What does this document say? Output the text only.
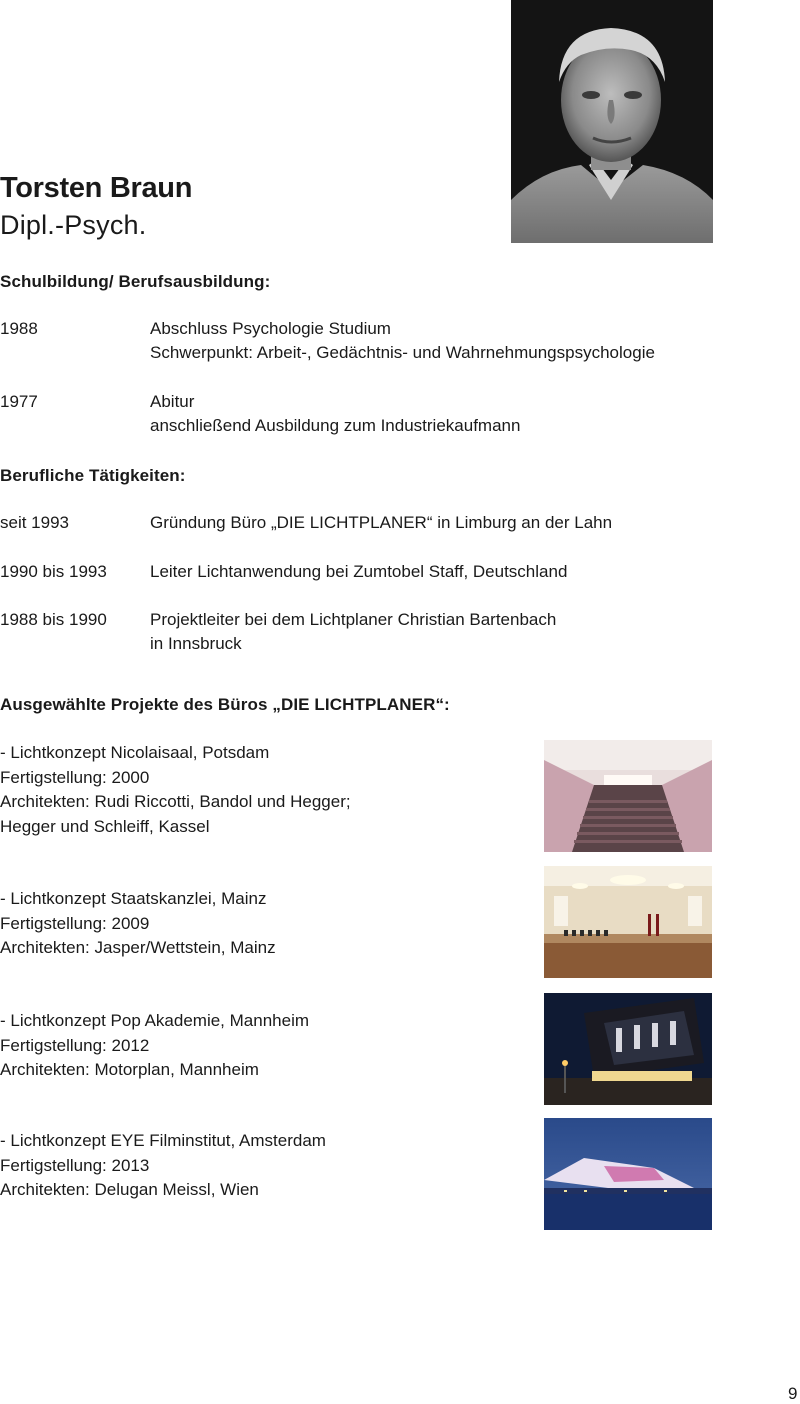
Torsten Braun
Dipl.-Psych.
Schulbildung/ Berufsausbildung:
1988	Abschluss Psychologie Studium
Schwerpunkt: Arbeit-, Gedächtnis- und Wahrnehmungspsychologie
1977	Abitur
anschließend Ausbildung zum Industriekaufmann
Berufliche Tätigkeiten:
seit 1993	Gründung Büro „DIE LICHTPLANER“ in Limburg an der Lahn
1990 bis 1993	Leiter Lichtanwendung bei Zumtobel Staff, Deutschland
1988 bis 1990	Projektleiter bei dem Lichtplaner Christian Bartenbach
in Innsbruck
Ausgewählte Projekte des Büros „DIE LICHTPLANER“:
- Lichtkonzept Nicolaisaal, Potsdam
Fertigstellung: 2000
Architekten: Rudi Riccotti, Bandol und Hegger;
Hegger und Schleiff, Kassel
- Lichtkonzept Staatskanzlei, Mainz
Fertigstellung: 2009
Architekten: Jasper/Wettstein, Mainz
- Lichtkonzept Pop Akademie, Mannheim
Fertigstellung: 2012
Architekten: Motorplan, Mannheim
- Lichtkonzept EYE Filminstitut, Amsterdam
Fertigstellung: 2013
Architekten: Delugan Meissl, Wien
9
